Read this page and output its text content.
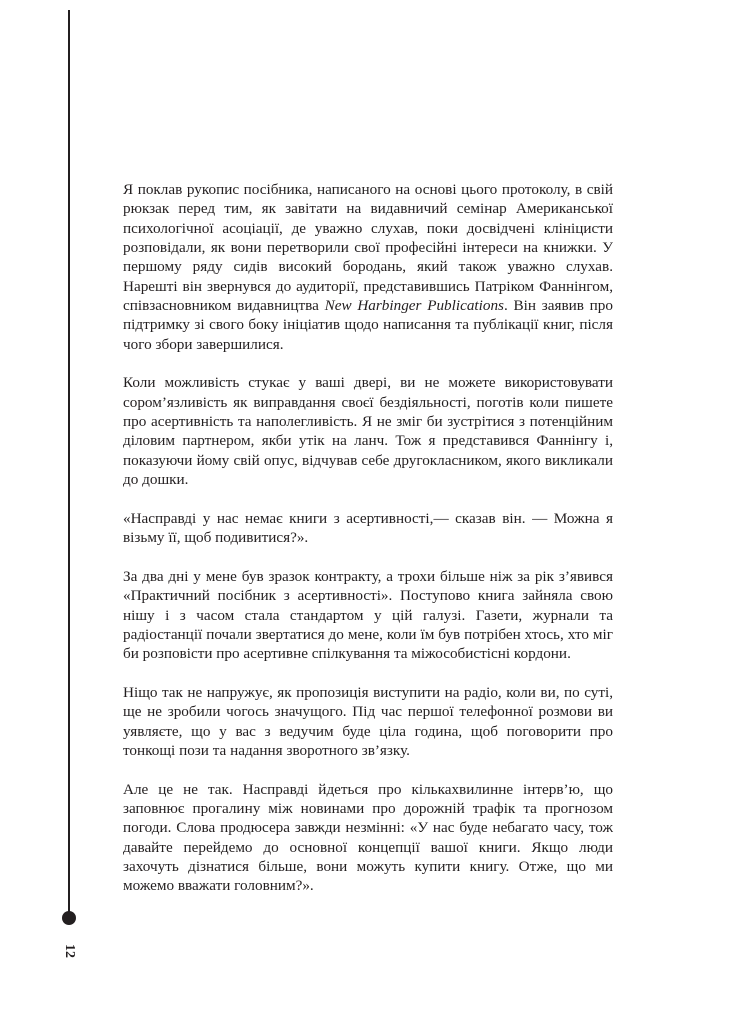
12

Я поклав рукопис посібника, написаного на основі цього протоколу, в свій рюкзак перед тим, як завітати на видавничий семінар Американської психологічної асоціації, де уважно слухав, поки досвідчені клініцисти розповідали, як вони перетворили свої професійні інтереси на книжки. У першому ряду сидів високий бородань, який також уважно слухав. Нарешті він звернувся до аудиторії, представившись Патріком Фаннінгом, співзасновником видавництва New Harbinger Publications. Він заявив про підтримку зі свого боку ініціатив щодо написання та публікації книг, після чого збори завершилися.

Коли можливість стукає у ваші двері, ви не можете використовувати сором’язливість як виправдання своєї бездіяльності, поготів коли пишете про асертивність та наполегливість. Я не зміг би зустрітися з потенційним діловим партнером, якби утік на ланч. Тож я представився Фаннінгу і, показуючи йому свій опус, відчував себе другокласником, якого викликали до дошки.

«Насправді у нас немає книги з асертивності,— сказав він. — Можна я візьму її, щоб подивитися?».

За два дні у мене був зразок контракту, а трохи більше ніж за рік з’явився «Практичний посібник з асертивності». Поступово книга зайняла свою нішу і з часом стала стандартом у цій галузі. Газети, журнали та радіостанції почали звертатися до мене, коли їм був потрібен хтось, хто міг би розповісти про асертивне спілкування та міжособистісні кордони.

Ніщо так не напружує, як пропозиція виступити на радіо, коли ви, по суті, ще не зробили чогось значущого. Під час першої телефонної розмови ви уявляєте, що у вас з ведучим буде ціла година, щоб поговорити про тонкощі пози та надання зворотного зв’язку.

Але це не так. Насправді йдеться про кількахвилинне інтерв’ю, що заповнює прогалину між новинами про дорожній трафік та прогнозом погоди. Слова продюсера завжди незмінні: «У нас буде небагато часу, тож давайте перейдемо до основної концепції вашої книги. Якщо люди захочуть дізнатися більше, вони можуть купити книгу. Отже, що ми можемо вважати головним?».
